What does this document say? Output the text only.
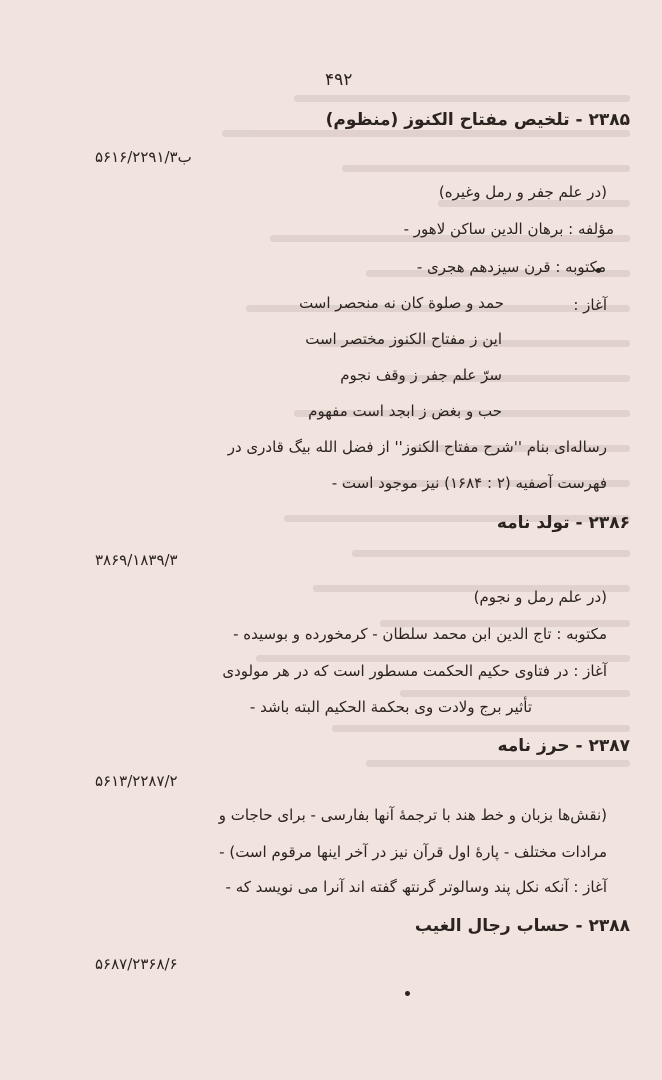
۴۹۲
۲۳۸۵ - تلخیص مفتاح الکنوز (منظوم)
ب۵۶۱۶/۲۲۹۱/۳
(در علم جفر و رمل وغیره)
مؤلفه : برهان الدین ساکن لاهور -
مکتوبه : قرن سیزدهم هجری -
آغاز :
حمد و صلوة کان نه منحصر است
این ز مفتاح الکنوز مختصر است
سرّ علم جفر ز وقف نجوم
حب و بغض ز ابجد است مفهوم
رساله‌ای بنام ''شرح مفتاح الکنوز'' از فضل الله بیگ قادری در
فهرست آصفیه (۲ : ۱۶۸۴) نیز موجود است -
۲۳۸۶ - تولد نامه
۳۸۶۹/۱۸۳۹/۳
(در علم رمل و نجوم)
مکتوبه : تاج الدین ابن محمد سلطان - کرمخورده و بوسیده -
آغاز : در فتاوی حکیم الحکمت مسطور است که در هر مولودی
تأثیر برج ولادت وی بحکمة الحکیم البته باشد -
۲۳۸۷ - حرز نامه
۵۶۱۳/۲۲۸۷/۲
(نقش‌ها بزبان و خط هند با ترجمهٔ آنها بفارسی - برای حاجات و
مرادات مختلف - پارهٔ اول قرآن نیز در آخر اینها مرقوم است) -
آغاز : آنکه نکل پند وسالوتر گرنتھ گفته اند آنرا می نویسد که -
۲۳۸۸ - حساب رجال الغیب
۵۶۸۷/۲۳۶۸/۶
